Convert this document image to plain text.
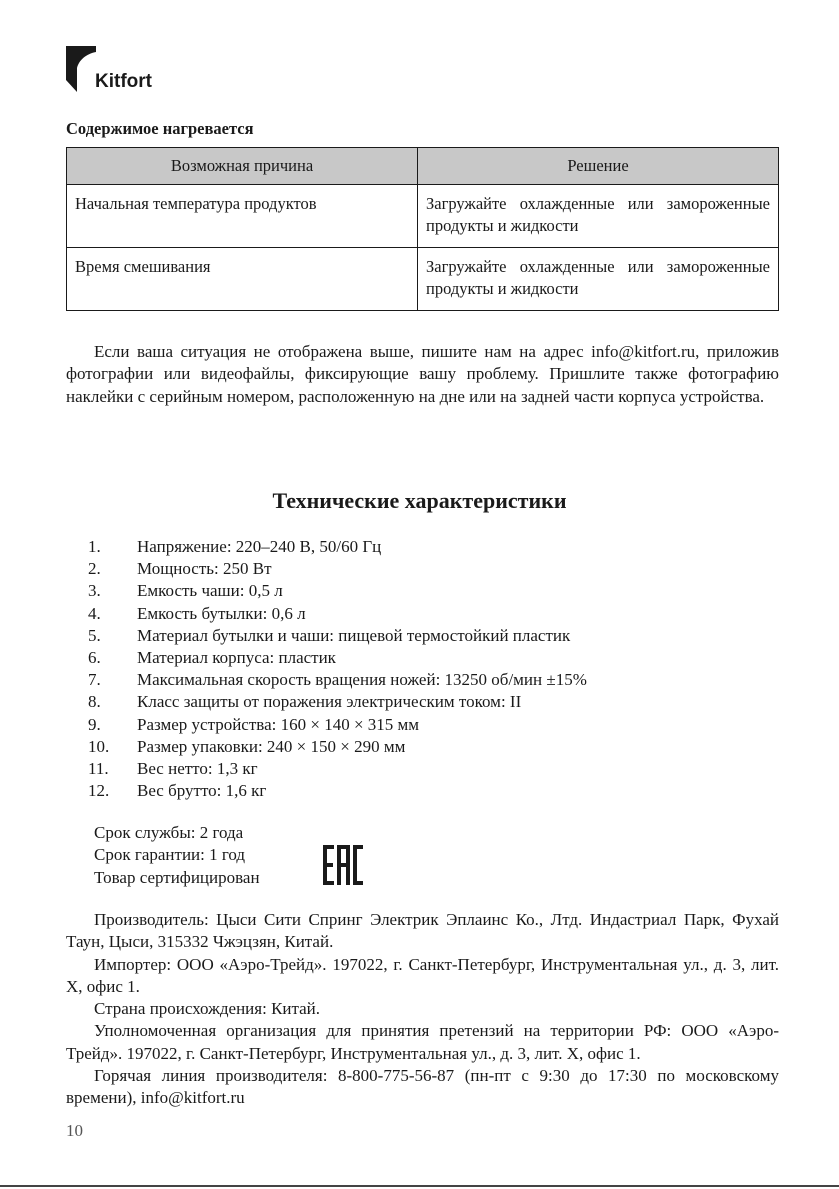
Kitfort
Содержимое нагревается
Возможная причина	Решение
Начальная температура продуктов	Загружайте охлажденные или замороженные продукты и жидкости
Время смешивания	Загружайте охлажденные или замороженные продукты и жидкости

Если ваша ситуация не отображена выше, пишите нам на адрес info@kitfort.ru, приложив фотографии или видеофайлы, фиксирующие вашу проблему. Пришлите также фотографию наклейки с серийным номером, расположенную на дне или на задней части корпуса устройства.

Технические характеристики
1.	Напряжение: 220–240 В, 50/60 Гц
2.	Мощность: 250 Вт
3.	Емкость чаши: 0,5 л
4.	Емкость бутылки: 0,6 л
5.	Материал бутылки и чаши: пищевой термостойкий пластик
6.	Материал корпуса: пластик
7.	Максимальная скорость вращения ножей: 13250 об/мин ±15%
8.	Класс защиты от поражения электрическим током: II
9.	Размер устройства: 160 × 140 × 315 мм
10.	Размер упаковки: 240 × 150 × 290 мм
11.	Вес нетто: 1,3 кг
12.	Вес брутто: 1,6 кг
Срок службы: 2 года
Срок гарантии: 1 год
Товар сертифицирован

Производитель: Цыси Сити Спринг Электрик Эплаинс Ко., Лтд. Индастриал Парк, Фухай Таун, Цыси, 315332 Чжэцзян, Китай.

Импортер: ООО «Аэро-Трейд». 197022, г. Санкт-Петербург, Инструментальная ул., д. 3, лит. Х, офис 1.

Страна происхождения: Китай.

Уполномоченная организация для принятия претензий на территории РФ: ООО «Аэро-Трейд». 197022, г. Санкт-Петербург, Инструментальная ул., д. 3, лит. Х, офис 1.

Горячая линия производителя: 8-800-775-56-87 (пн-пт с 9:30 до 17:30 по московскому времени), info@kitfort.ru

10
